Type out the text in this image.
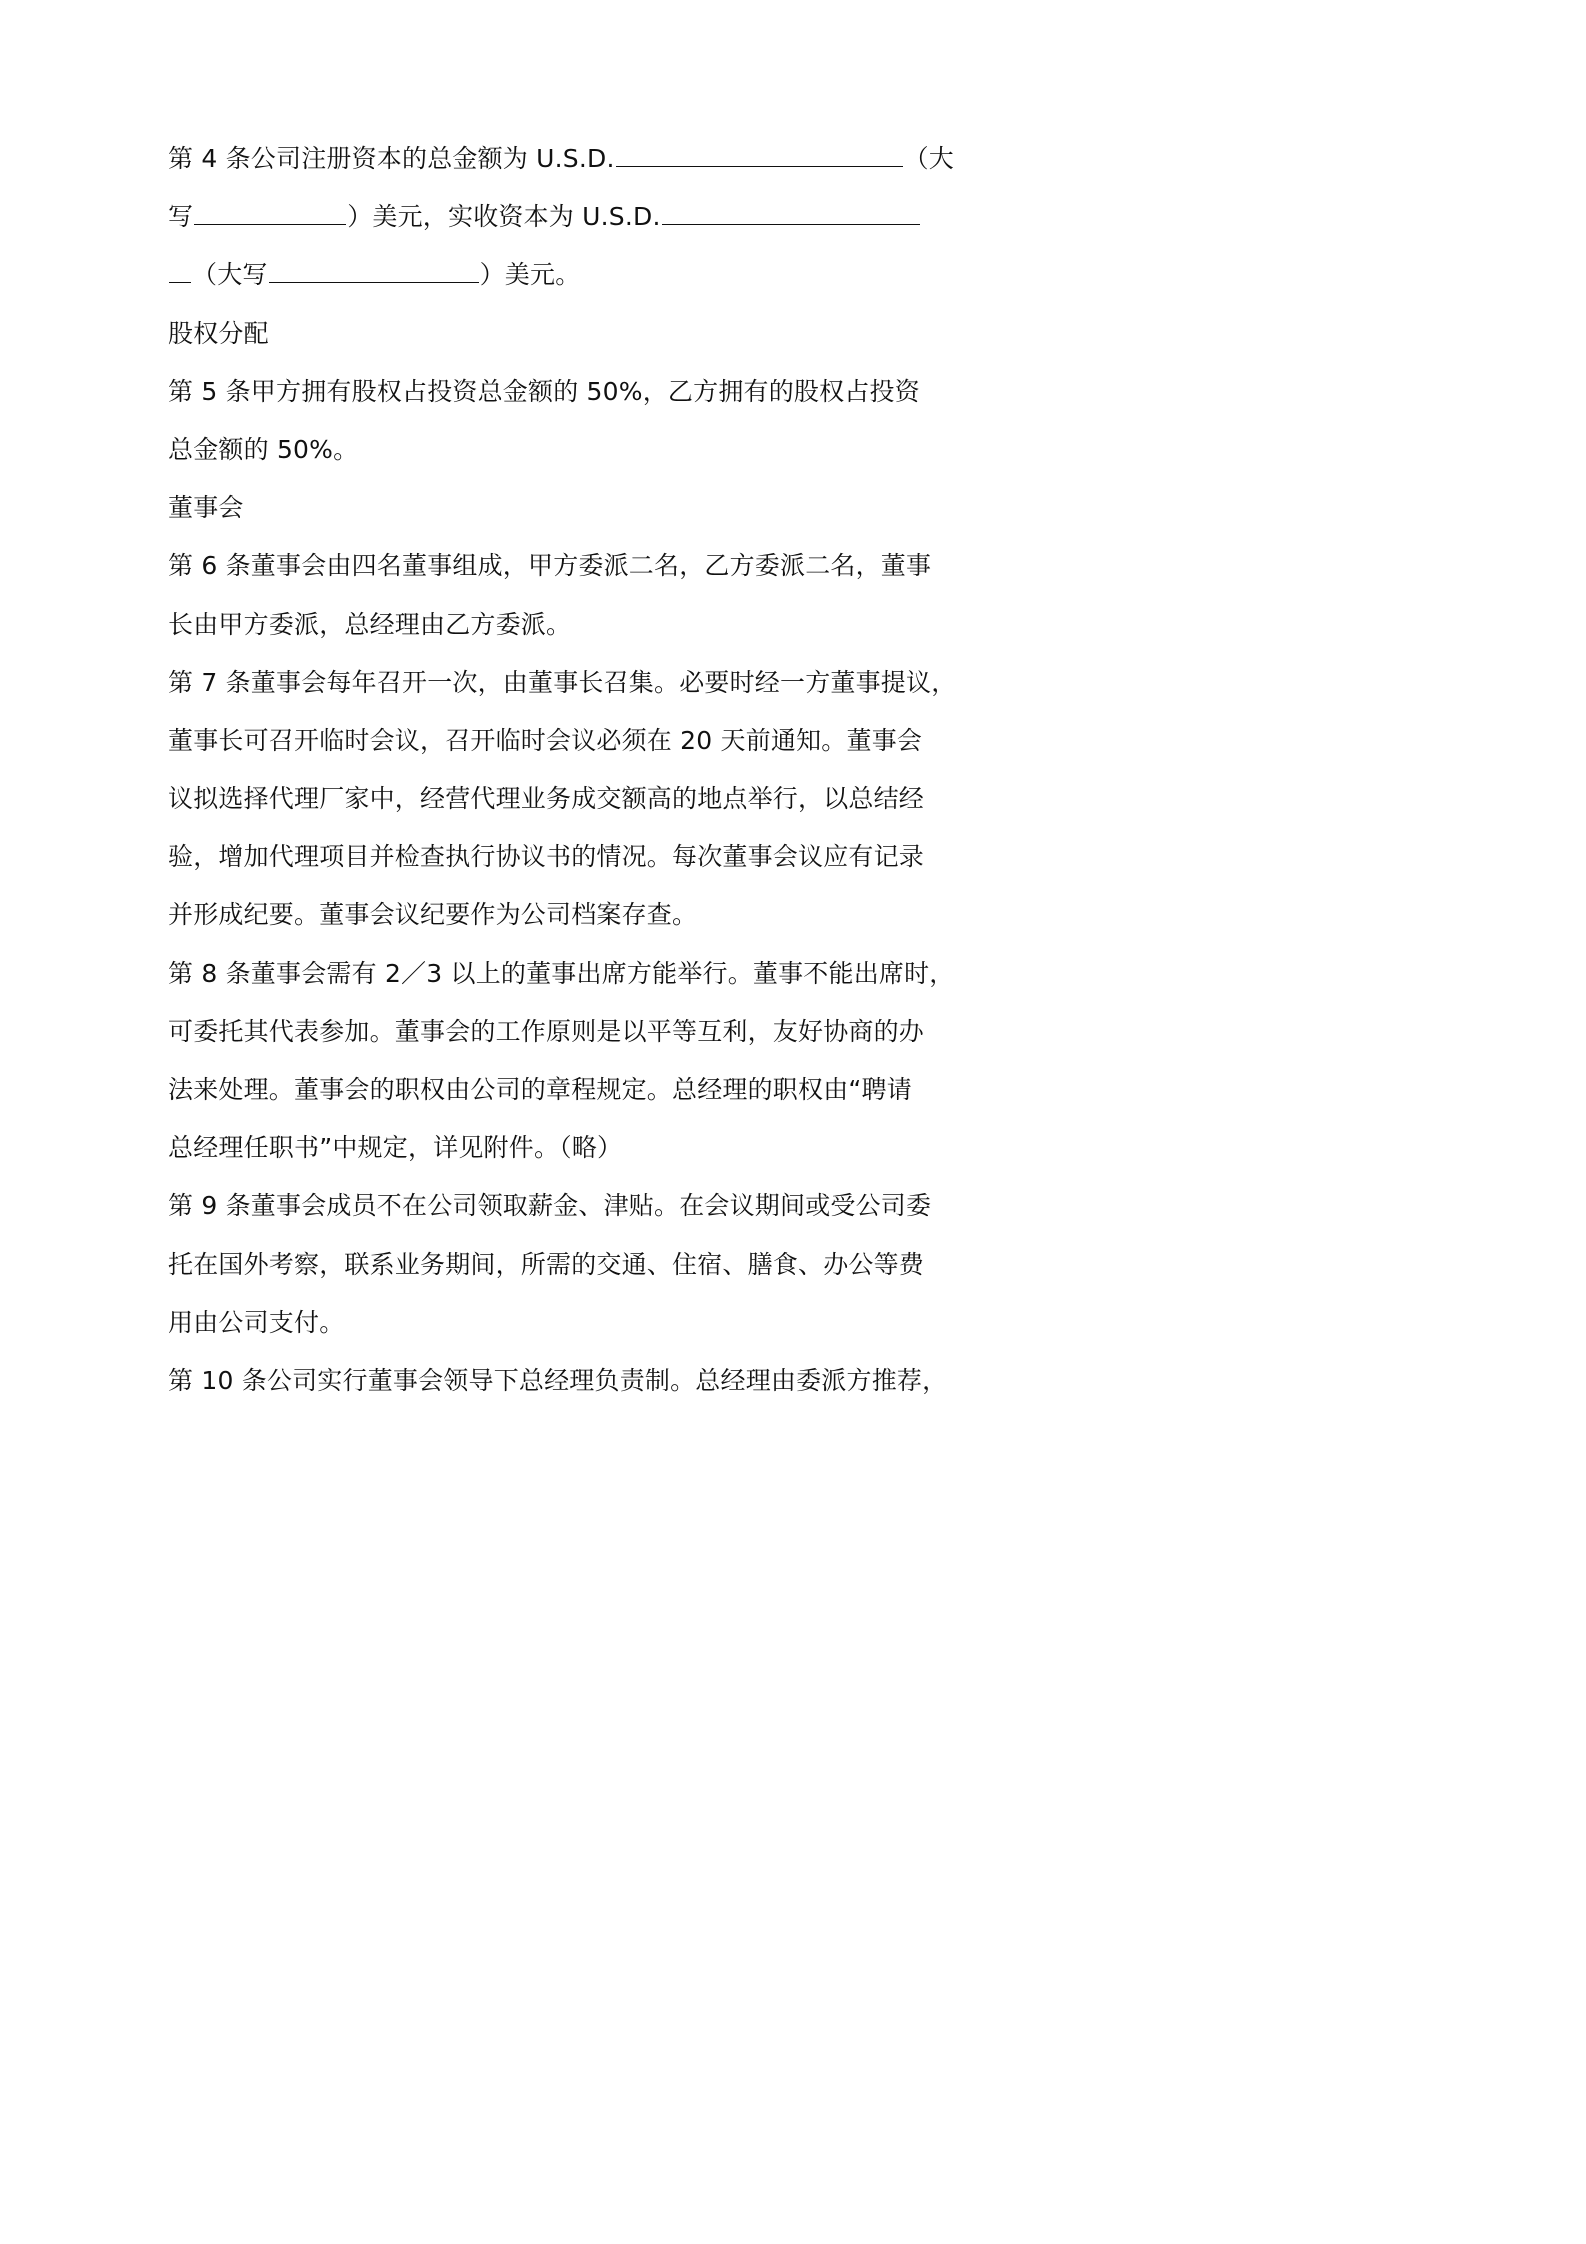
第 4 条公司注册资本的总金额为 U.S.D.	（大
写	）美元，实收资本为 U.S.D.
（大写	）美元。
股权分配
第 5 条甲方拥有股权占投资总金额的 50%，乙方拥有的股权占投资
总金额的 50%。
董事会
第 6 条董事会由四名董事组成，甲方委派二名，乙方委派二名，董事
长由甲方委派，总经理由乙方委派。
第 7 条董事会每年召开一次，由董事长召集。必要时经一方董事提议，
董事长可召开临时会议，召开临时会议必须在 20 天前通知。董事会
议拟选择代理厂家中，经营代理业务成交额高的地点举行，以总结经
验，增加代理项目并检查执行协议书的情况。每次董事会议应有记录
并形成纪要。董事会议纪要作为公司档案存查。
第 8 条董事会需有 2／3 以上的董事出席方能举行。董事不能出席时，
可委托其代表参加。董事会的工作原则是以平等互利，友好协商的办
法来处理。董事会的职权由公司的章程规定。总经理的职权由“聘请
总经理任职书”中规定，详见附件。（略）
第 9 条董事会成员不在公司领取薪金、津贴。在会议期间或受公司委
托在国外考察，联系业务期间，所需的交通、住宿、膳食、办公等费
用由公司支付。
第 10 条公司实行董事会领导下总经理负责制。总经理由委派方推荐，
